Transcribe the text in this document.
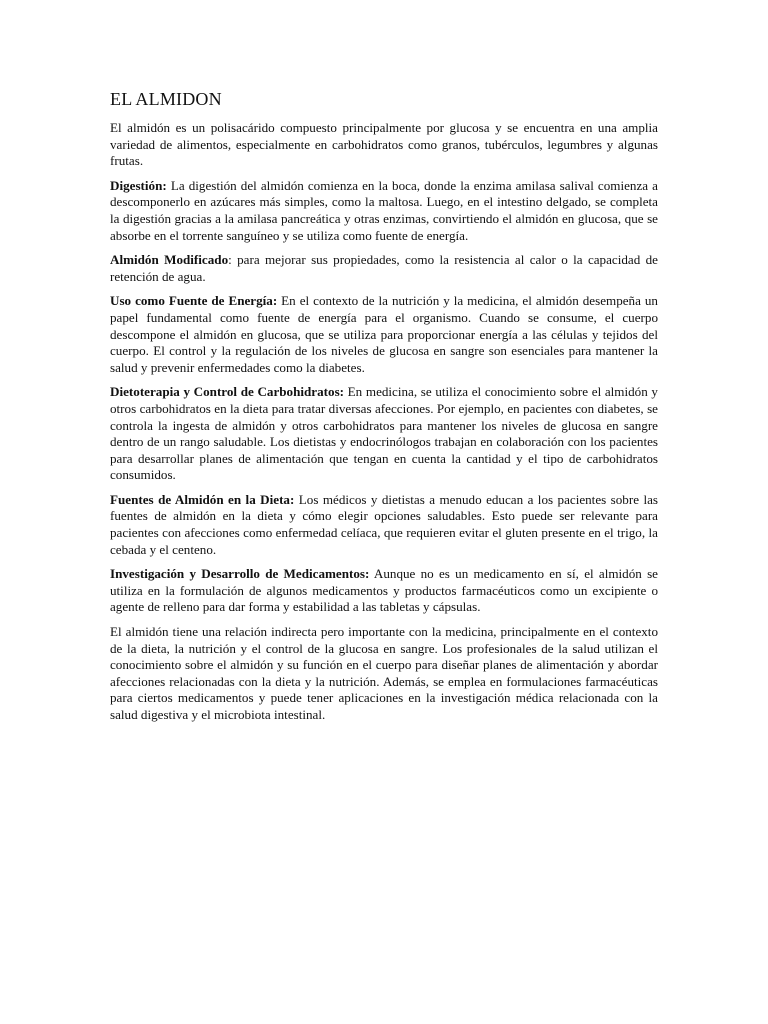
EL ALMIDON

El almidón es un polisacárido compuesto principalmente por glucosa y se encuentra en una amplia variedad de alimentos, especialmente en carbohidratos como granos, tubérculos, legumbres y algunas frutas.

Digestión: La digestión del almidón comienza en la boca, donde la enzima amilasa salival comienza a descomponerlo en azúcares más simples, como la maltosa. Luego, en el intestino delgado, se completa la digestión gracias a la amilasa pancreática y otras enzimas, convirtiendo el almidón en glucosa, que se absorbe en el torrente sanguíneo y se utiliza como fuente de energía.

Almidón Modificado: para mejorar sus propiedades, como la resistencia al calor o la capacidad de retención de agua.

Uso como Fuente de Energía: En el contexto de la nutrición y la medicina, el almidón desempeña un papel fundamental como fuente de energía para el organismo. Cuando se consume, el cuerpo descompone el almidón en glucosa, que se utiliza para proporcionar energía a las células y tejidos del cuerpo. El control y la regulación de los niveles de glucosa en sangre son esenciales para mantener la salud y prevenir enfermedades como la diabetes.

Dietoterapia y Control de Carbohidratos: En medicina, se utiliza el conocimiento sobre el almidón y otros carbohidratos en la dieta para tratar diversas afecciones. Por ejemplo, en pacientes con diabetes, se controla la ingesta de almidón y otros carbohidratos para mantener los niveles de glucosa en sangre dentro de un rango saludable. Los dietistas y endocrinólogos trabajan en colaboración con los pacientes para desarrollar planes de alimentación que tengan en cuenta la cantidad y el tipo de carbohidratos consumidos.

Fuentes de Almidón en la Dieta: Los médicos y dietistas a menudo educan a los pacientes sobre las fuentes de almidón en la dieta y cómo elegir opciones saludables. Esto puede ser relevante para pacientes con afecciones como enfermedad celíaca, que requieren evitar el gluten presente en el trigo, la cebada y el centeno.

Investigación y Desarrollo de Medicamentos: Aunque no es un medicamento en sí, el almidón se utiliza en la formulación de algunos medicamentos y productos farmacéuticos como un excipiente o agente de relleno para dar forma y estabilidad a las tabletas y cápsulas.

El almidón tiene una relación indirecta pero importante con la medicina, principalmente en el contexto de la dieta, la nutrición y el control de la glucosa en sangre. Los profesionales de la salud utilizan el conocimiento sobre el almidón y su función en el cuerpo para diseñar planes de alimentación y abordar afecciones relacionadas con la dieta y la nutrición. Además, se emplea en formulaciones farmacéuticas para ciertos medicamentos y puede tener aplicaciones en la investigación médica relacionada con la salud digestiva y el microbiota intestinal.
